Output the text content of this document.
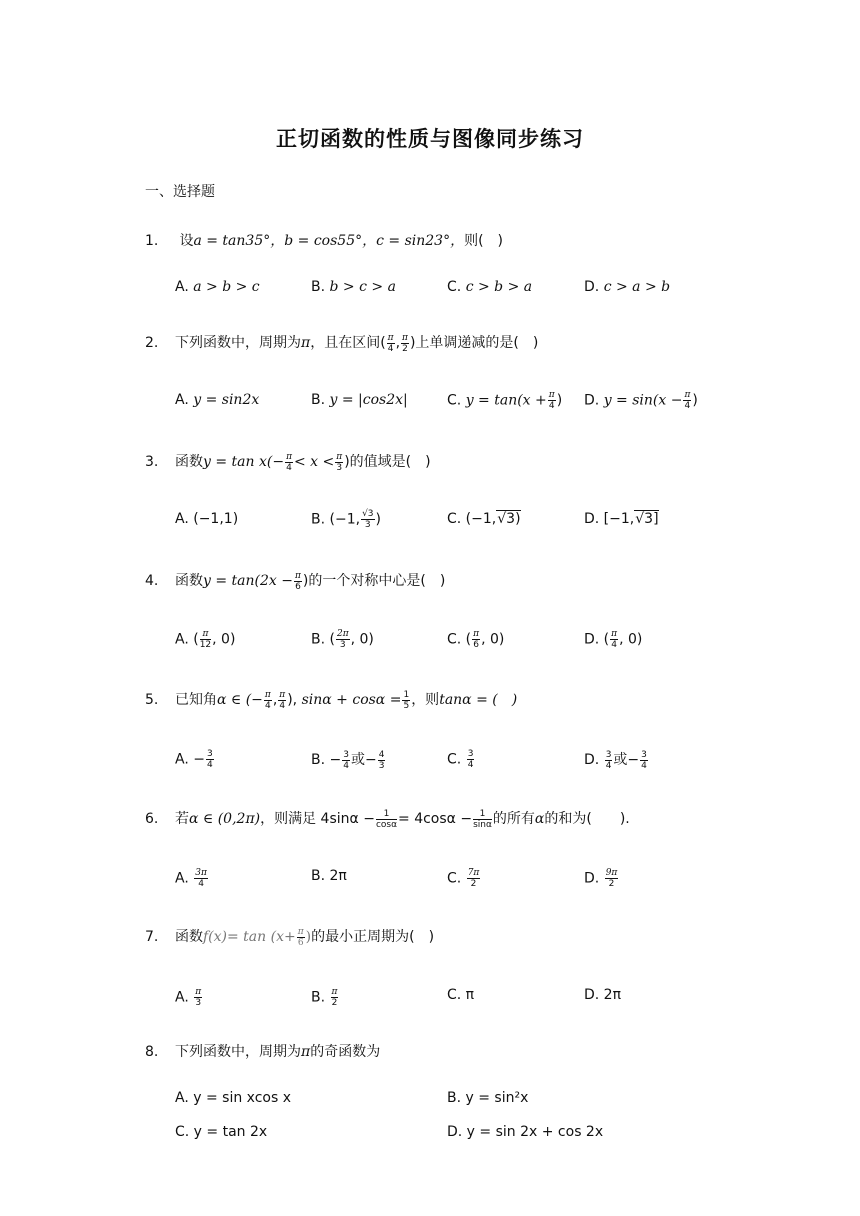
正切函数的性质与图像同步练习
一、选择题
1. 设a = tan35°，b = cos55°，c = sin23°，则(　)
A. a > b > c	B. b > c > a	C. c > b > a	D. c > a > b
2. 下列函数中，周期为π，且在区间( $\frac{\pi}{4}$ , $\frac{\pi}{2}$ )上单调递减的是(　)
A. y = sin2x	B. y = |cos2x|	C. $y = \tan(x + \frac{\pi}{4}$ ) D. $y = \sin(x - \frac{\pi}{4}$ )
3. 函数$y = \tan x(- \frac{\pi}{4} < x < \frac{\pi}{3}$ )的值域是(　)
A. (−1,1)	B. (−1, $\frac{√3}{3}$ )	C. (−1,√3)	D. [−1,√3]
4. 函数$y = \tan(2x - \frac{\pi}{6}$ )的一个对称中心是(　)
A. ( $\frac{\pi}{12}$ , 0)	B. ( $\frac{2\pi}{3}$ , 0)	C. ( $\frac{\pi}{6}$ , 0)	D. ( $\frac{\pi}{4}$ , 0)
5. 已知角α ∈ (− $\frac{\pi}{4}$ , $\frac{\pi}{4}$ ), $\sin\alpha + \cos\alpha = \frac{1}{5}$ ，则tanα = (　)
A. − $\frac{3}{4}$	B. − $\frac{3}{4}$ 或− $\frac{4}{3}$	C. $\frac{3}{4}$	D. $\frac{3}{4}$ 或− $\frac{3}{4}$
6. 若α ∈ (0,2π)，则满足 $4\sin\alpha - \frac{1}{\cos\alpha} = 4\cos\alpha - \frac{1}{\sin\alpha}$ 的所有α的和为(　　).
A. $\frac{3\pi}{4}$	B. 2π	C. $\frac{7\pi}{2}$	D. $\frac{9\pi}{2}$
7. 函数$f(x)= \tan (x+ \frac{\pi}{6}$ )的最小正周期为(　)
A. $\frac{\pi}{3}$	B. $\frac{\pi}{2}$	C. π	D. 2π
8. 下列函数中，周期为π的奇函数为
A. y = sin xcos x	B. y = sin²x
C. y = tan 2x	D. y = sin 2x + cos 2x
